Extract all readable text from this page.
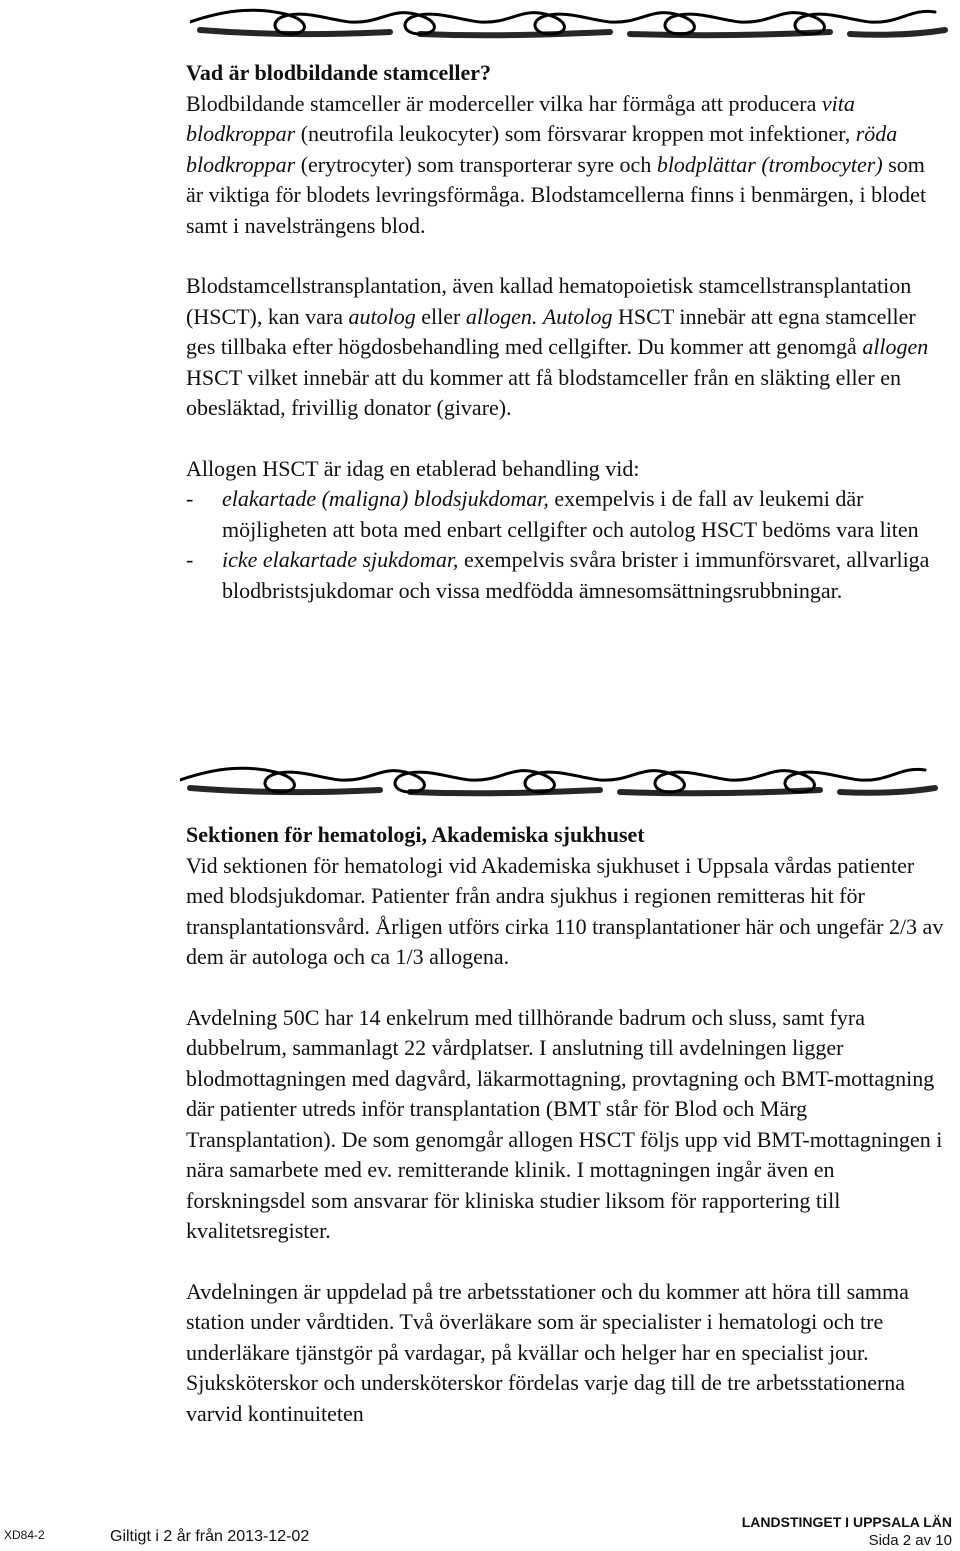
Vad är blodbildande stamceller?

Blodbildande stamceller är moderceller vilka har förmåga att producera vita blodkroppar (neutrofila leukocyter) som försvarar kroppen mot infektioner, röda blodkroppar (erytrocyter) som transporterar syre och blodplättar (trombocyter) som är viktiga för blodets levringsförmåga. Blodstamcellerna finns i benmärgen, i blodet samt i navelsträngens blod.

Blodstamcellstransplantation, även kallad hematopoietisk stamcellstransplantation (HSCT), kan vara autolog eller allogen. Autolog HSCT innebär att egna stamceller ges tillbaka efter högdosbehandling med cellgifter. Du kommer att genomgå allogen HSCT vilket innebär att du kommer att få blodstamceller från en släkting eller en obesläktad, frivillig donator (givare).

Allogen HSCT är idag en etablerad behandling vid:

- elakartade (maligna) blodsjukdomar, exempelvis i de fall av leukemi där möjligheten att bota med enbart cellgifter och autolog HSCT bedöms vara liten
- icke elakartade sjukdomar, exempelvis svåra brister i immunförsvaret, allvarliga blodbristsjukdomar och vissa medfödda ämnesomsättningsrubbningar.

Sektionen för hematologi, Akademiska sjukhuset

Vid sektionen för hematologi vid Akademiska sjukhuset i Uppsala vårdas patienter med blodsjukdomar. Patienter från andra sjukhus i regionen remitteras hit för transplantationsvård. Årligen utförs cirka 110 transplantationer här och ungefär 2/3 av dem är autologa och ca 1/3 allogena.

Avdelning 50C har 14 enkelrum med tillhörande badrum och sluss, samt fyra dubbelrum, sammanlagt 22 vårdplatser. I anslutning till avdelningen ligger blodmottagningen med dagvård, läkarmottagning, provtagning och BMT-mottagning där patienter utreds inför transplantation (BMT står för Blod och Märg Transplantation). De som genomgår allogen HSCT följs upp vid BMT-mottagningen i nära samarbete med ev. remitterande klinik. I mottagningen ingår även en forskningsdel som ansvarar för kliniska studier liksom för rapportering till kvalitetsregister.

Avdelningen är uppdelad på tre arbetsstationer och du kommer att höra till samma station under vårdtiden. Två överläkare som är specialister i hematologi och tre underläkare tjänstgör på vardagar, på kvällar och helger har en specialist jour. Sjuksköterskor och undersköterskor fördelas varje dag till de tre arbetsstationerna varvid kontinuiteten

XD84-2	Giltigt i 2 år från 2013-12-02
LANDSTINGET I UPPSALA LÄN
Sida 2 av 10
